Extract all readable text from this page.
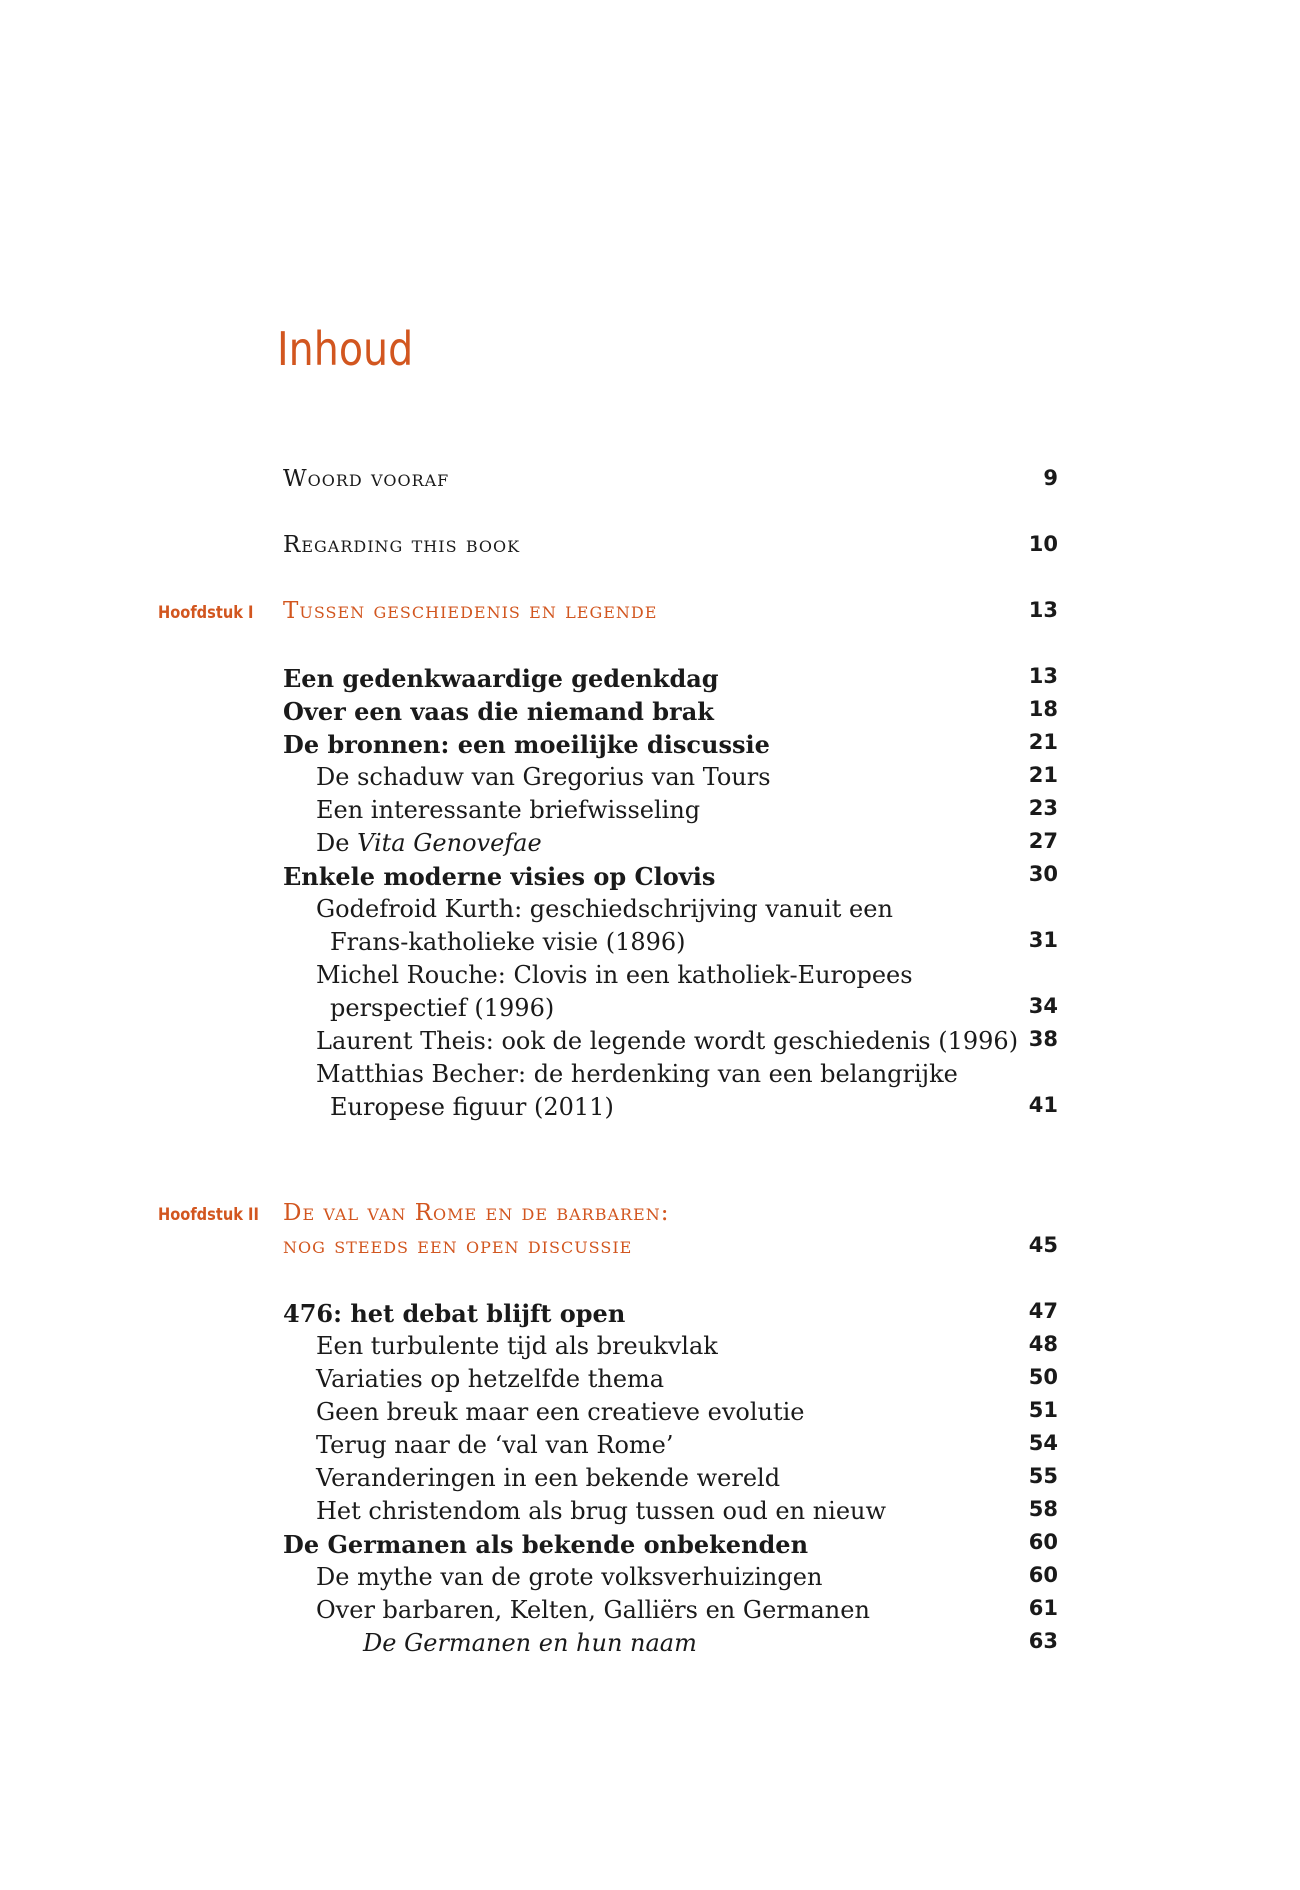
Inhoud
Woord vooraf	9
Regarding this book	10
Hoofdstuk I Tussen geschiedenis en legende	13
Een gedenkwaardige gedenkdag	13
Over een vaas die niemand brak	18
De bronnen: een moeilijke discussie	21
De schaduw van Gregorius van Tours	21
Een interessante briefwisseling	23
De Vita Genovefae	27
Enkele moderne visies op Clovis	30
Godefroid Kurth: geschiedschrijving vanuit een
Frans-katholieke visie (1896)	31
Michel Rouche: Clovis in een katholiek-Europees
perspectief (1996)	34
Laurent Theis: ook de legende wordt geschiedenis (1996) 38
Matthias Becher: de herdenking van een belangrijke
Europese figuur (2011)	41
Hoofdstuk II De val van Rome en de barbaren:
nog steeds een open discussie	45
476: het debat blijft open	47
Een turbulente tijd als breukvlak	48
Variaties op hetzelfde thema	50
Geen breuk maar een creatieve evolutie	51
Terug naar de ‘val van Rome’	54
Veranderingen in een bekende wereld	55
Het christendom als brug tussen oud en nieuw	58
De Germanen als bekende onbekenden	60
De mythe van de grote volksverhuizingen	60
Over barbaren, Kelten, Galliërs en Germanen	61
De Germanen en hun naam	63
